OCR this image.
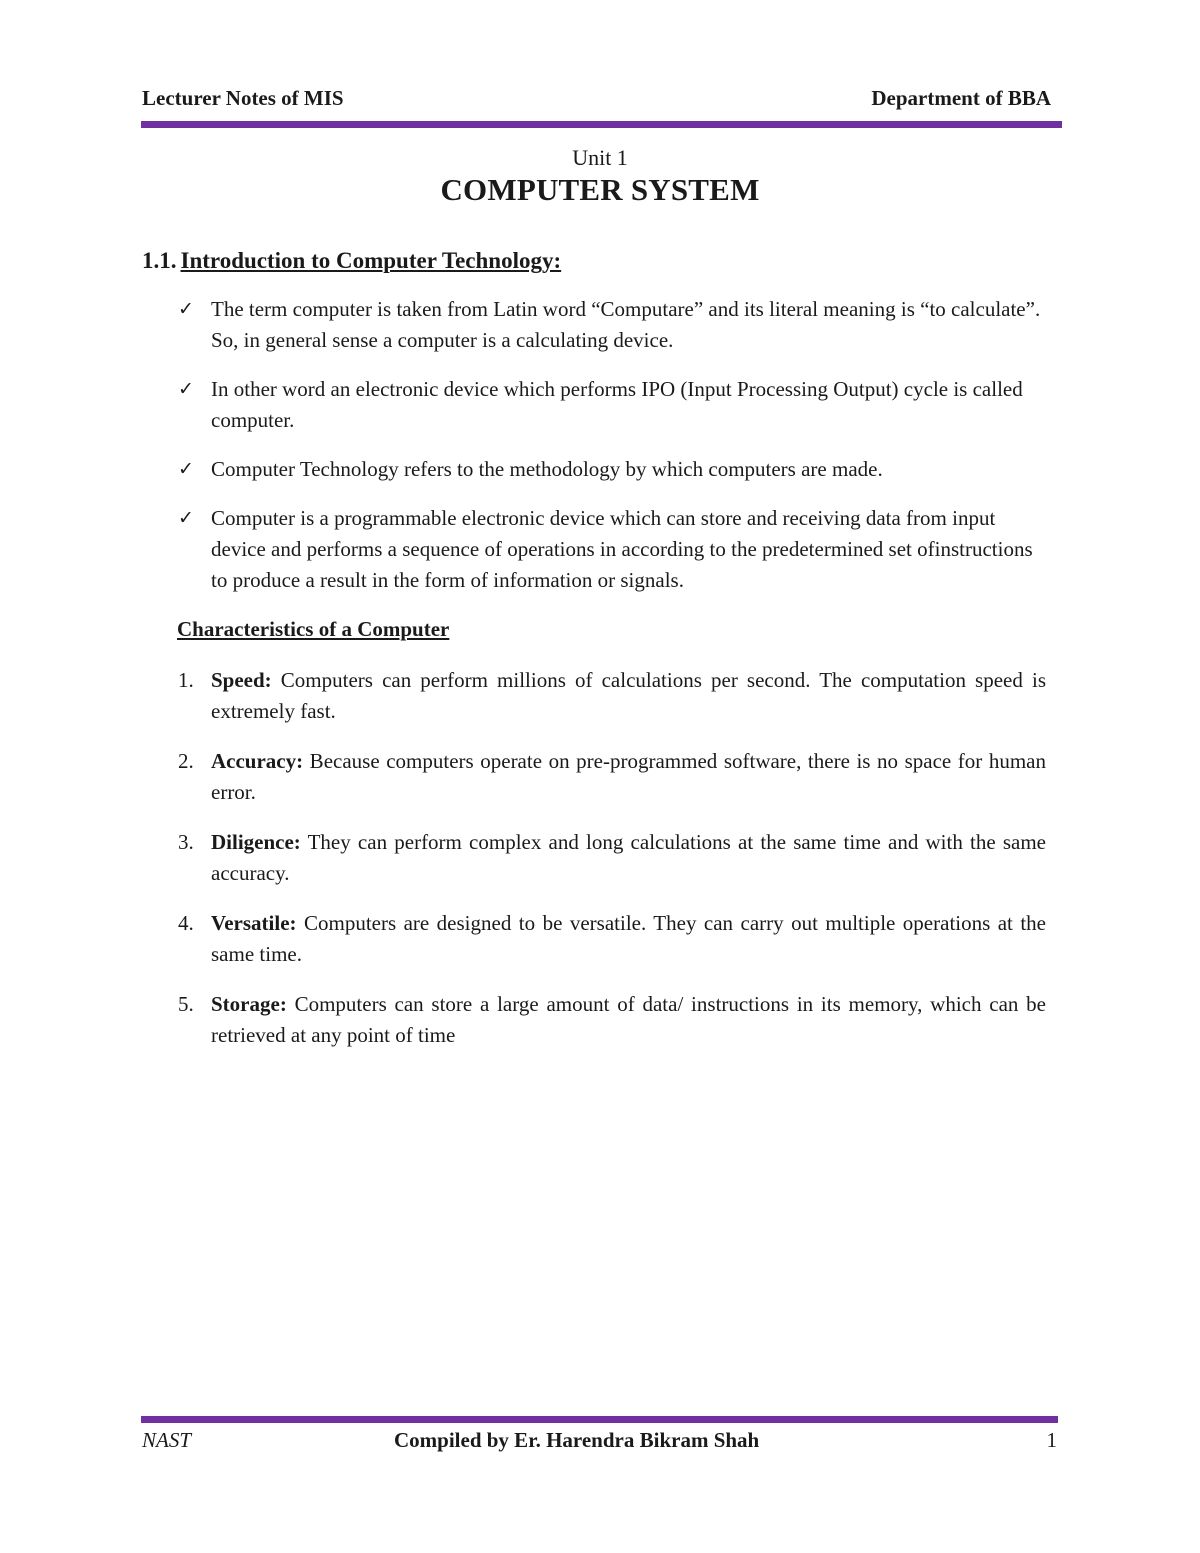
Lecturer Notes of MIS	Department of BBA
Unit 1
COMPUTER SYSTEM
1.1. Introduction to Computer Technology:
✓ The term computer is taken from Latin word “Computare” and its literal meaning is “to calculate”. So, in general sense a computer is a calculating device.
✓ In other word an electronic device which performs IPO (Input Processing Output) cycle is called computer.
✓ Computer Technology refers to the methodology by which computers are made.
✓ Computer is a programmable electronic device which can store and receiving data from input device and performs a sequence of operations in according to the predetermined set ofinstructions to produce a result in the form of information or signals.
Characteristics of a Computer
1. Speed: Computers can perform millions of calculations per second. The computation speed is extremely fast.
2. Accuracy: Because computers operate on pre-programmed software, there is no space for human error.
3. Diligence: They can perform complex and long calculations at the same time and with the same accuracy.
4. Versatile: Computers are designed to be versatile. They can carry out multiple operations at the same time.
5. Storage: Computers can store a large amount of data/ instructions in its memory, which can be retrieved at any point of time
NAST	Compiled by Er. Harendra Bikram Shah	1
